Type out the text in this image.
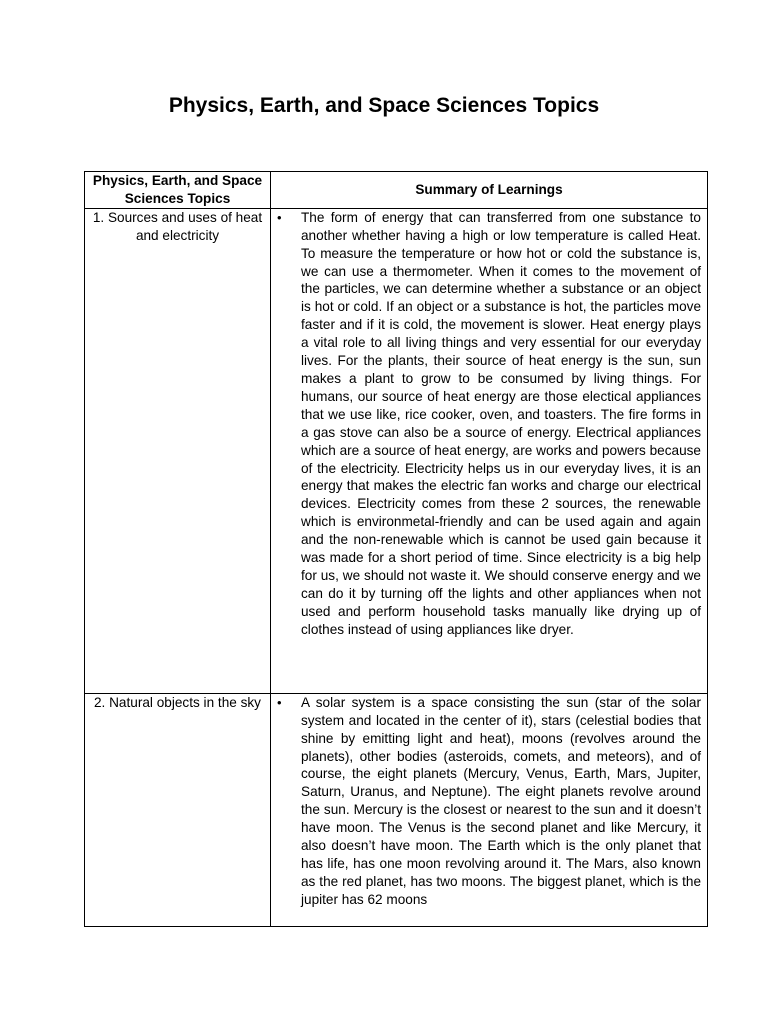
Physics, Earth, and Space Sciences Topics
Physics, Earth, and Space Sciences Topics	Summary of Learnings
1. Sources and uses of heat and electricity	• The form of energy that can transferred from one substance to another whether having a high or low temperature is called Heat. To measure the temperature or how hot or cold the substance is, we can use a thermometer. When it comes to the movement of the particles, we can determine whether a substance or an object is hot or cold. If an object or a substance is hot, the particles move faster and if it is cold, the movement is slower. Heat energy plays a vital role to all living things and very essential for our everyday lives. For the plants, their source of heat energy is the sun, sun makes a plant to grow to be consumed by living things. For humans, our source of heat energy are those electical appliances that we use like, rice cooker, oven, and toasters. The fire forms in a gas stove can also be a source of energy. Electrical appliances which are a source of heat energy, are works and powers because of the electricity. Electricity helps us in our everyday lives, it is an energy that makes the electric fan works and charge our electrical devices. Electricity comes from these 2 sources, the renewable which is environmetal-friendly and can be used again and again and the non-renewable which is cannot be used gain because it was made for a short period of time. Since electricity is a big help for us, we should not waste it. We should conserve energy and we can do it by turning off the lights and other appliances when not used and perform household tasks manually like drying up of clothes instead of using appliances like dryer.

2. Natural objects in the sky	• A solar system is a space consisting the sun (star of the solar system and located in the center of it), stars (celestial bodies that shine by emitting light and heat), moons (revolves around the planets), other bodies (asteroids, comets, and meteors), and of course, the eight planets (Mercury, Venus, Earth, Mars, Jupiter, Saturn, Uranus, and Neptune). The eight planets revolve around the sun. Mercury is the closest or nearest to the sun and it doesn’t have moon. The Venus is the second planet and like Mercury, it also doesn’t have moon. The Earth which is the only planet that has life, has one moon revolving around it. The Mars, also known as the red planet, has two moons. The biggest planet, which is the jupiter has 62 moons
